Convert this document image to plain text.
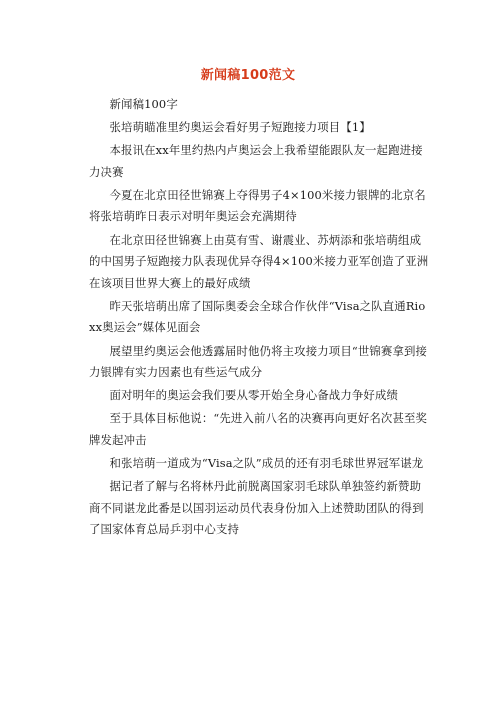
新闻稿100范文

新闻稿100字

张培萌瞄准里约奥运会看好男子短跑接力项目【1】

本报讯在xx年里约热内卢奥运会上我希望能跟队友一起跑进接力决赛

今夏在北京田径世锦赛上夺得男子4×100米接力银牌的北京名将张培萌昨日表示对明年奥运会充满期待

在北京田径世锦赛上由莫有雪、谢震业、苏炳添和张培萌组成的中国男子短跑接力队表现优异夺得4×100米接力亚军创造了亚洲在该项目世界大赛上的最好成绩

昨天张培萌出席了国际奥委会全球合作伙伴“Visa之队直通Rioxx奥运会”媒体见面会

展望里约奥运会他透露届时他仍将主攻接力项目“世锦赛拿到接力银牌有实力因素也有些运气成分

面对明年的奥运会我们要从零开始全身心备战力争好成绩

至于具体目标他说：“先进入前八名的决赛再向更好名次甚至奖牌发起冲击

和张培萌一道成为“Visa之队”成员的还有羽毛球世界冠军谌龙

据记者了解与名将林丹此前脱离国家羽毛球队单独签约新赞助商不同谌龙此番是以国羽运动员代表身份加入上述赞助团队的得到了国家体育总局乒羽中心支持
